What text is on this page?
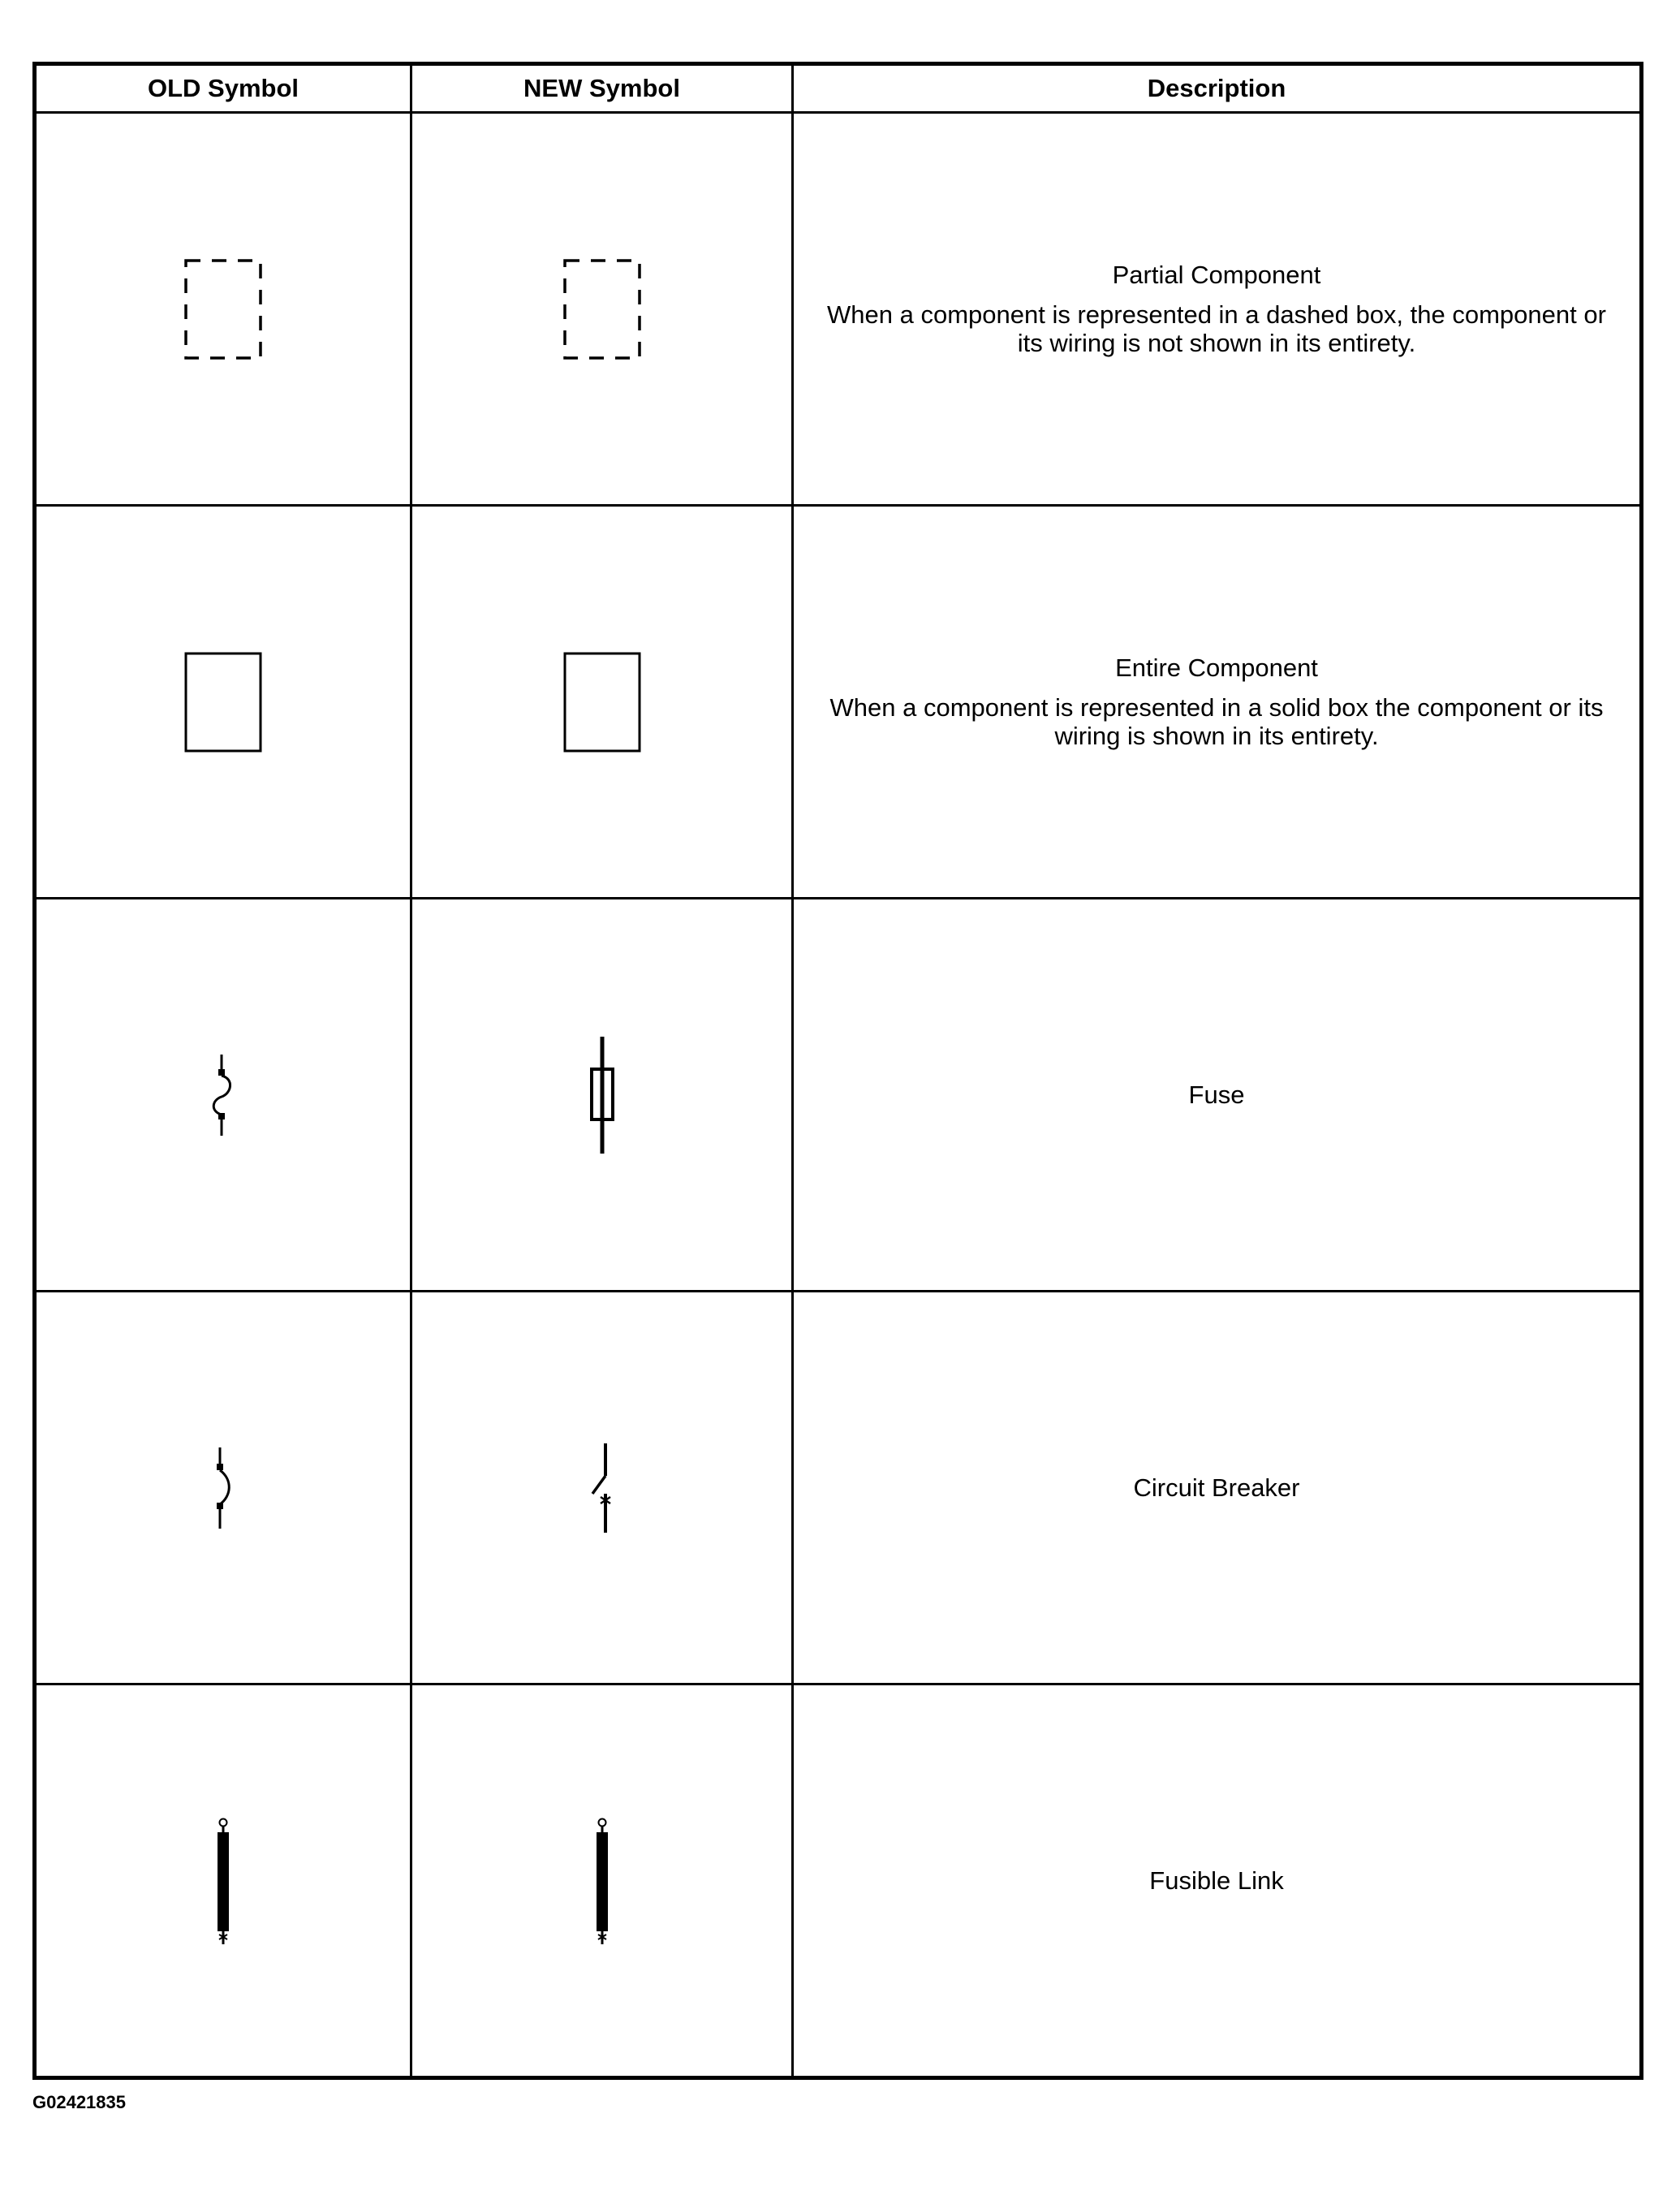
OLD Symbol	NEW Symbol	Description

Partial Component
When a component is represented in a dashed box, the component or its wiring is not shown in its entirety.

Entire Component
When a component is represented in a solid box the component or its wiring is shown in its entirety.

Fuse

Circuit Breaker

Fusible Link
G02421835
